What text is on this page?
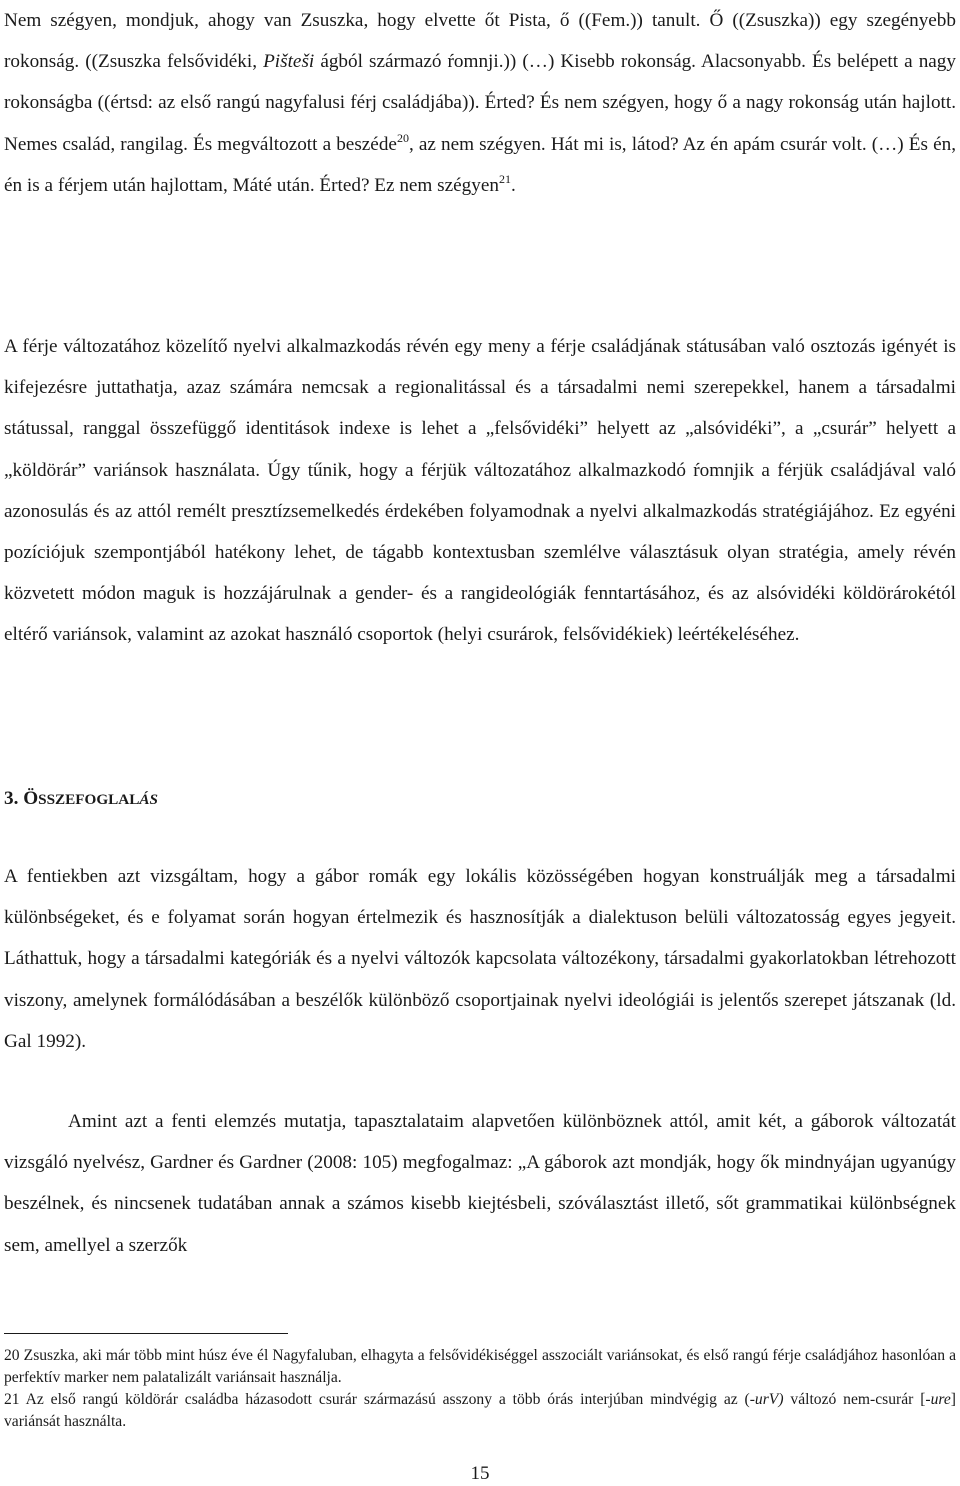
Nem szégyen, mondjuk, ahogy van Zsuszka, hogy elvette őt Pista, ő ((Fem.)) tanult. Ő ((Zsuszka)) egy szegényebb rokonság. ((Zsuszka felsővidéki, Pišteši ágból származó ŕomnji.)) (…) Kisebb rokonság. Alacsonyabb. És belépett a nagy rokonságba ((értsd: az első rangú nagyfalusi férj családjába)). Érted? És nem szégyen, hogy ő a nagy rokonság után hajlott. Nemes család, rangilag. És megváltozott a beszéde$^{20}$, az nem szégyen. Hát mi is, látod? Az én apám csurár volt. (…) És én, én is a férjem után hajlottam, Máté után. Érted? Ez nem szégyen$^{21}$.

A férje változatához közelítő nyelvi alkalmazkodás révén egy meny a férje családjának státusában való osztozás igényét is kifejezésre juttathatja, azaz számára nemcsak a regionalitással és a társadalmi nemi szerepekkel, hanem a társadalmi státussal, ranggal összefüggő identitások indexe is lehet a „felsővidéki” helyett az „alsóvidéki”, a „csurár” helyett a „köldörár” variánsok használata. Úgy tűnik, hogy a férjük változatához alkalmazkodó ŕomnjik a férjük családjával való azonosulás és az attól remélt presztízsemelkedés érdekében folyamodnak a nyelvi alkalmazkodás stratégiájához. Ez egyéni pozíciójuk szempontjából hatékony lehet, de tágabb kontextusban szemlélve választásuk olyan stratégia, amely révén közvetett módon maguk is hozzájárulnak a gender- és a rangideológiák fenntartásához, és az alsóvidéki köldörárokétól eltérő variánsok, valamint az azokat használó csoportok (helyi csurárok, felsővidékiek) leértékeléséhez.

3. ÖSSZEFOGLALÁS

A fentiekben azt vizsgáltam, hogy a gábor romák egy lokális közösségében hogyan konstruálják meg a társadalmi különbségeket, és e folyamat során hogyan értelmezik és hasznosítják a dialektuson belüli változatosság egyes jegyeit. Láthattuk, hogy a társadalmi kategóriák és a nyelvi változók kapcsolata változékony, társadalmi gyakorlatokban létrehozott viszony, amelynek formálódásában a beszélők különböző csoportjainak nyelvi ideológiái is jelentős szerepet játszanak (ld. Gal 1992).

Amint azt a fenti elemzés mutatja, tapasztalataim alapvetően különböznek attól, amit két, a gáborok változatát vizsgáló nyelvész, Gardner és Gardner (2008: 105) megfogalmaz: „A gáborok azt mondják, hogy ők mindnyájan ugyanúgy beszélnek, és nincsenek tudatában annak a számos kisebb kiejtésbeli, szóválasztást illető, sőt grammatikai különbségnek sem, amellyel a szerzők

20 Zsuszka, aki már több mint húsz éve él Nagyfaluban, elhagyta a felsővidékiséggel asszociált variánsokat, és első rangú férje családjához hasonlóan a perfektív marker nem palatalizált variánsait használja.

21 Az első rangú köldörár családba házasodott csurár származású asszony a több órás interjúban mindvégig az (-urV) változó nem-csurár [-ure] variánsát használta.

15
